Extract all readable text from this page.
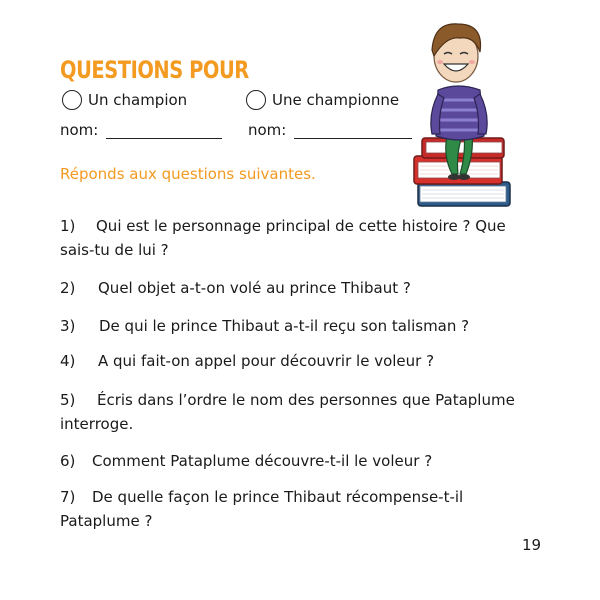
QUESTIONS POUR
Un champion	Une championne
nom:	nom:
Réponds aux questions suivantes.
1) Qui est le personnage principal de cette histoire ? Que sais-tu de lui ?
2) Quel objet a-t-on volé au prince Thibaut ?
3) De qui le prince Thibaut a-t-il reçu son talisman ?
4) A qui fait-on appel pour découvrir le voleur ?
5) Écris dans l’ordre le nom des personnes que Pataplume interroge.
6) Comment Pataplume découvre-t-il le voleur ?
7) De quelle façon le prince Thibaut récompense-t-il Pataplume ?
19
